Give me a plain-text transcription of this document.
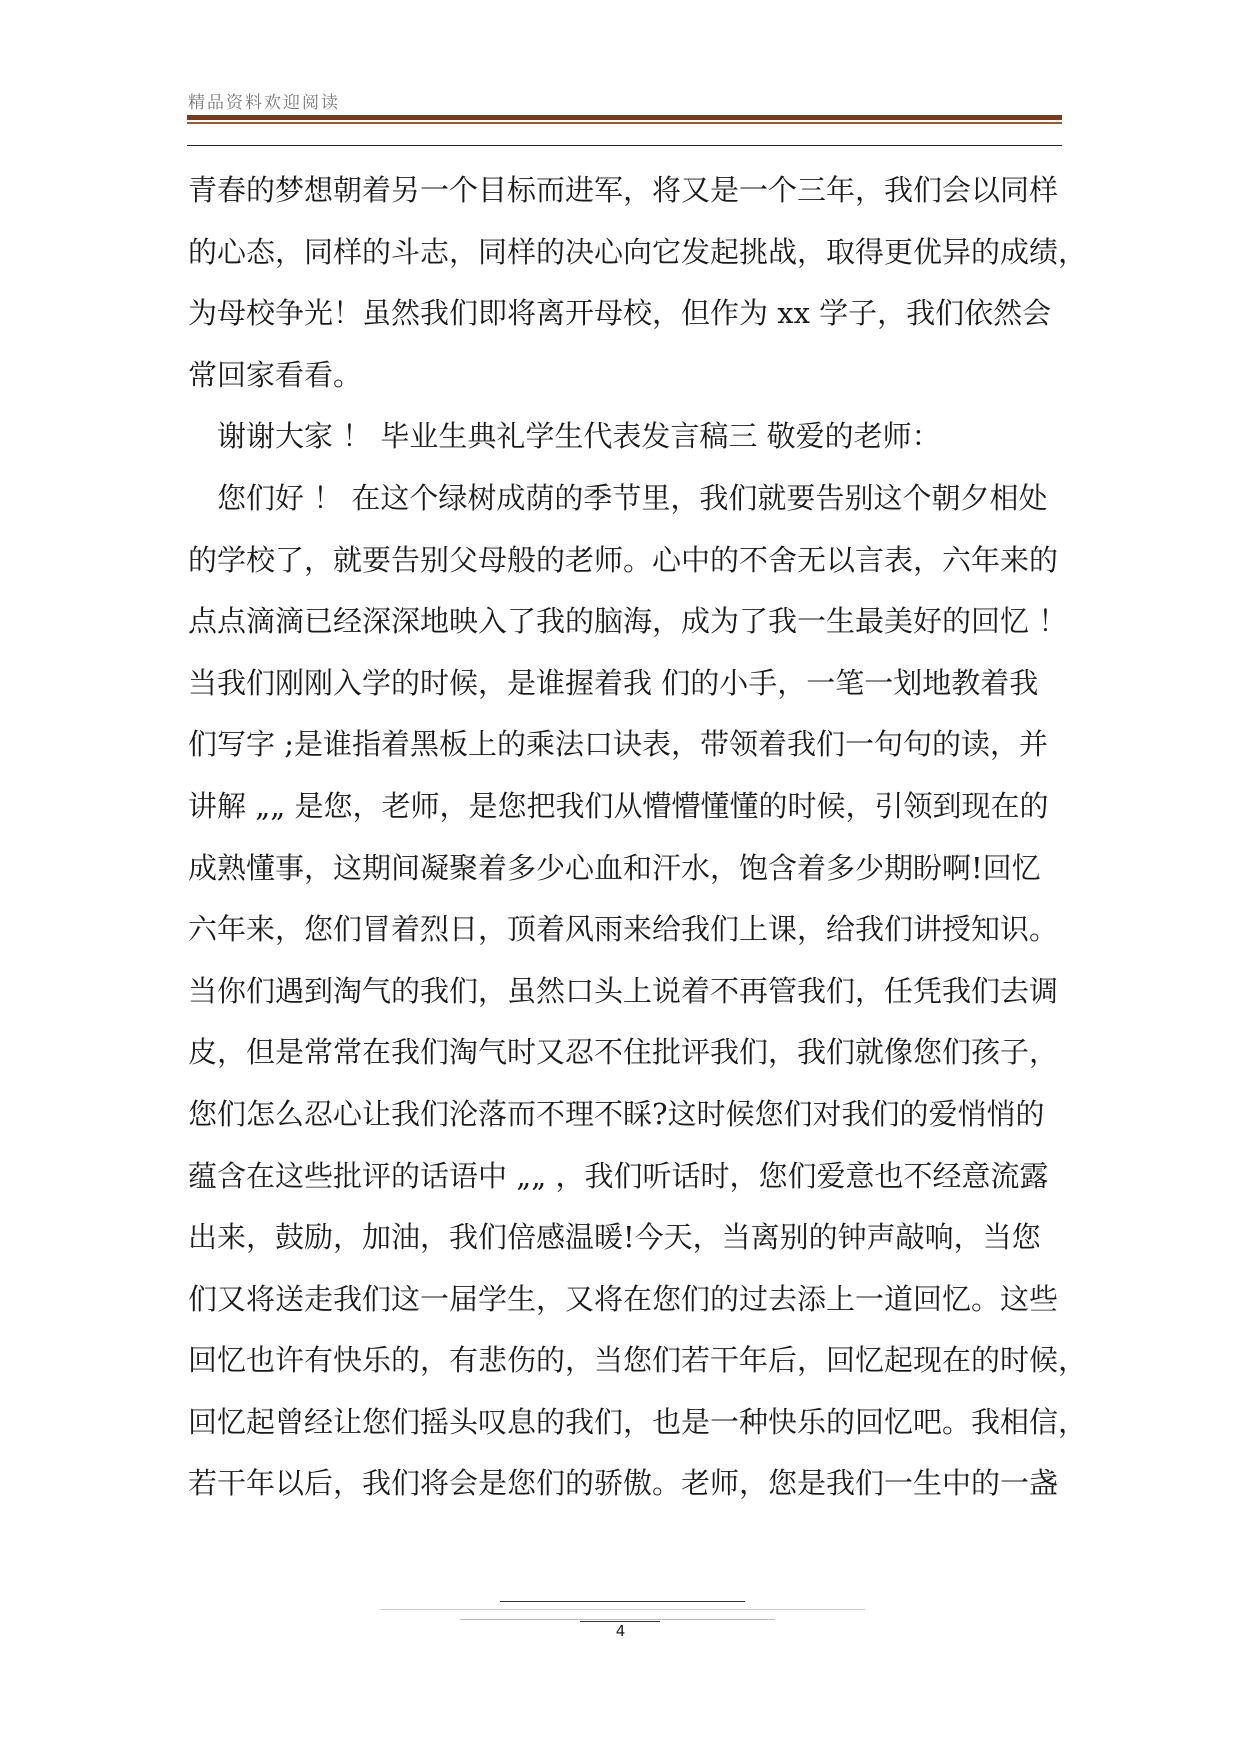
精品资料欢迎阅读
青春的梦想朝着另一个目标而进军，将又是一个三年，我们会以同样
的心态，同样的斗志，同样的决心向它发起挑战，取得更优异的成绩，
为母校争光！虽然我们即将离开母校，但作为 xx 学子，我们依然会
常回家看看。
　谢谢大家 ！ 毕业生典礼学生代表发言稿三 敬爱的老师：
　您们好 ！ 在这个绿树成荫的季节里，我们就要告别这个朝夕相处
的学校了，就要告别父母般的老师。心中的不舍无以言表，六年来的
点点滴滴已经深深地映入了我的脑海，成为了我一生最美好的回忆 ！
当我们刚刚入学的时候，是谁握着我 们的小手，一笔一划地教着我
们写字 ;是谁指着黑板上的乘法口诀表，带领着我们一句句的读，并
讲解 „„ 是您，老师，是您把我们从懵懵懂懂的时候，引领到现在的
成熟懂事，这期间凝聚着多少心血和汗水，饱含着多少期盼啊!回忆
六年来，您们冒着烈日，顶着风雨来给我们上课，给我们讲授知识。
当你们遇到淘气的我们，虽然口头上说着不再管我们，任凭我们去调
皮，但是常常在我们淘气时又忍不住批评我们，我们就像您们孩子，
您们怎么忍心让我们沦落而不理不睬?这时候您们对我们的爱悄悄的
蕴含在这些批评的话语中 „„ ，我们听话时，您们爱意也不经意流露
出来，鼓励，加油，我们倍感温暖!今天，当离别的钟声敲响，当您
们又将送走我们这一届学生，又将在您们的过去添上一道回忆。这些
回忆也许有快乐的，有悲伤的，当您们若干年后，回忆起现在的时候，
回忆起曾经让您们摇头叹息的我们，也是一种快乐的回忆吧。我相信，
若干年以后，我们将会是您们的骄傲。老师，您是我们一生中的一盏
4
